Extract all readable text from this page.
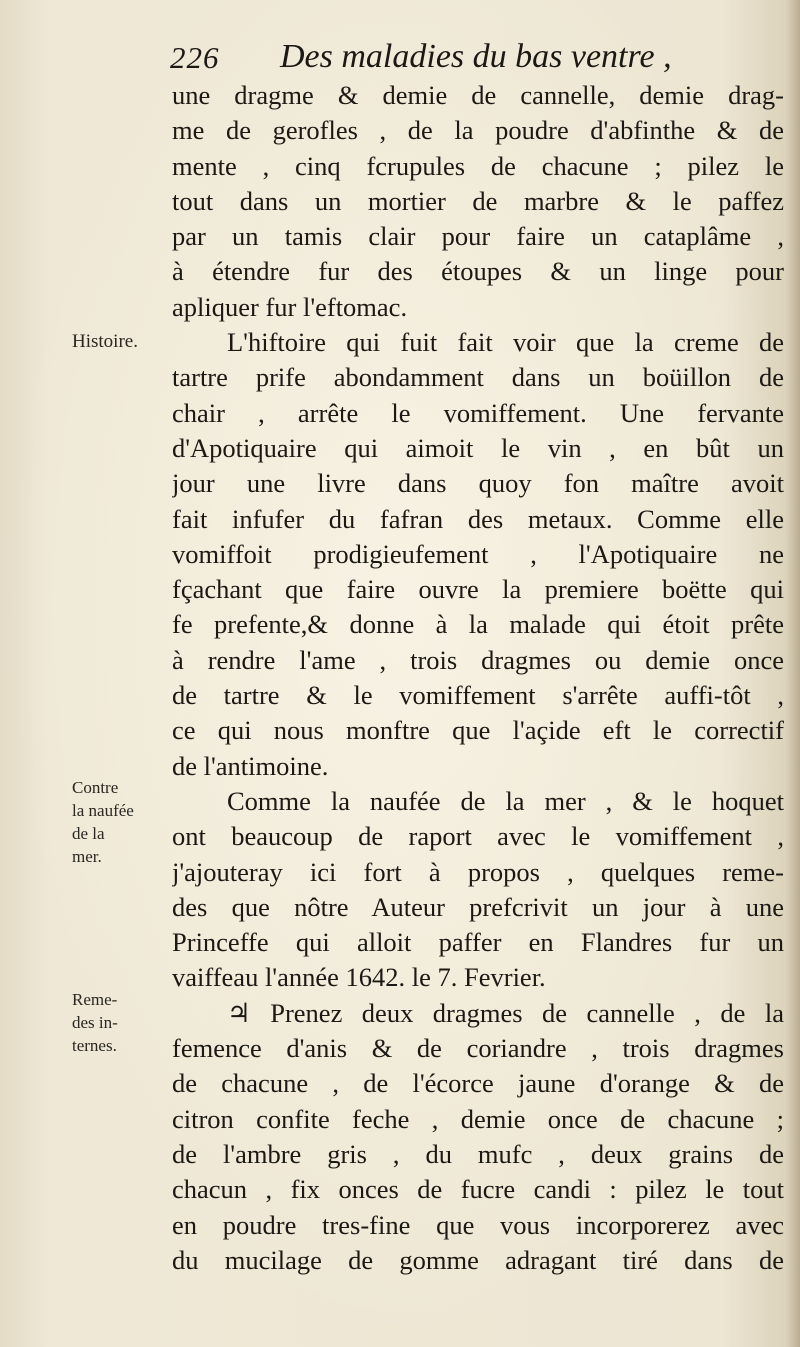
226 Des maladies du bas ventre ,
Histoire.
Contre
la naufée
de la
mer.
Reme-
des in-
ternes.
une dragme & demie de cannelle, demie drag-
me de gerofles , de la poudre d'abfinthe & de
mente , cinq fcrupules de chacune ; pilez le
tout dans un mortier de marbre & le paffez
par un tamis clair pour faire un cataplâme ,
à étendre fur des étoupes & un linge pour
apliquer fur l'eftomac.
L'hiftoire qui fuit fait voir que la creme de
tartre prife abondamment dans un boüillon de
chair , arrête le vomiffement. Une fervante
d'Apotiquaire qui aimoit le vin , en bût un
jour une livre dans quoy fon maître avoit
fait infufer du fafran des metaux. Comme elle
vomiffoit prodigieufement , l'Apotiquaire ne
fçachant que faire ouvre la premiere boëtte qui
fe prefente,& donne à la malade qui étoit prête
à rendre l'ame , trois dragmes ou demie once
de tartre & le vomiffement s'arrête auffi-tôt ,
ce qui nous monftre que l'açide eft le correctif
de l'antimoine.
Comme la naufée de la mer , & le hoquet
ont beaucoup de raport avec le vomiffement ,
j'ajouteray ici fort à propos , quelques reme-
des que nôtre Auteur prefcrivit un jour à une
Princeffe qui alloit paffer en Flandres fur un
vaiffeau l'année 1642. le 7. Fevrier.
♃ Prenez deux dragmes de cannelle , de la
femence d'anis & de coriandre , trois dragmes
de chacune , de l'écorce jaune d'orange & de
citron confite feche , demie once de chacune ;
de l'ambre gris , du mufc , deux grains de
chacun , fix onces de fucre candi : pilez le tout
en poudre tres-fine que vous incorporerez avec
du mucilage de gomme adragant tiré dans de
